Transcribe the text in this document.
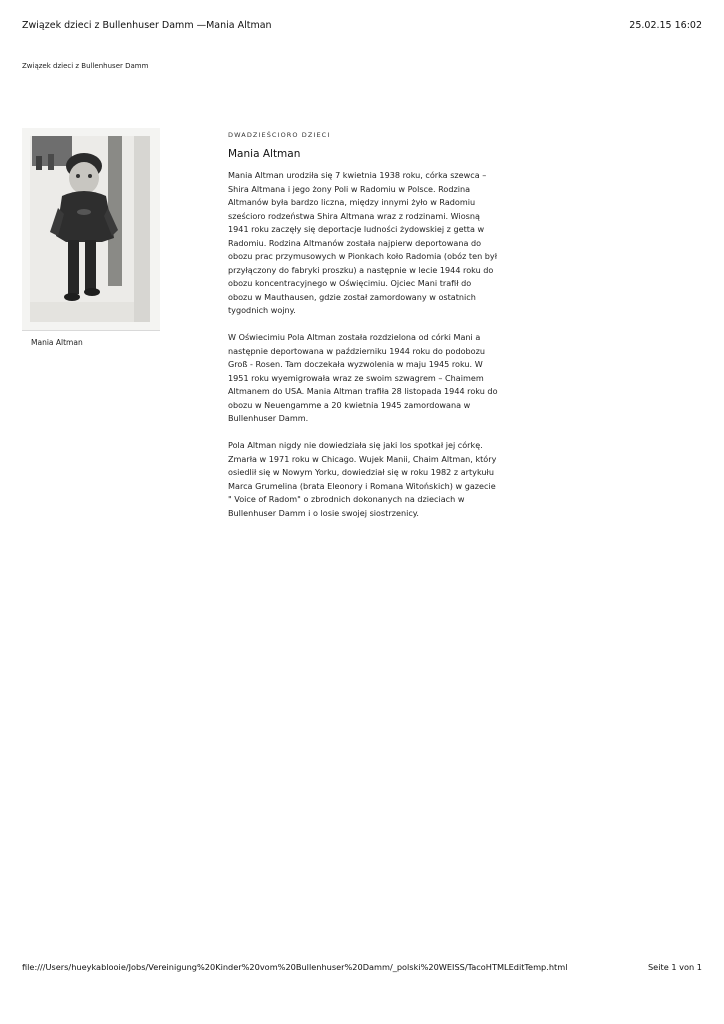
Związek dzieci z Bullenhuser Damm —Mania Altman	25.02.15 16:02
Związek dzieci z Bullenhuser Damm
Mania Altman
DWADZIEŚCIORO DZIECI
Mania Altman

Mania Altman urodziła się 7 kwietnia 1938 roku, córka szewca – Shira Altmana i jego żony Poli w Radomiu w Polsce. Rodzina Altmanów była bardzo liczna, między innymi żyło w Radomiu sześcioro rodzeństwa Shira Altmana wraz z rodzinami. Wiosną 1941 roku zaczęły się deportacje ludności żydowskiej z getta w Radomiu. Rodzina Altmanów została najpierw deportowana do obozu prac przymusowych w Pionkach koło Radomia (obóz ten był przyłączony do fabryki proszku) a następnie w lecie 1944 roku do obozu koncentracyjnego w Oświęcimiu. Ojciec Mani trafił do obozu w Mauthausen, gdzie został zamordowany w ostatnich tygodnich wojny.

W Oświecimiu Pola Altman została rozdzielona od córki Mani a następnie deportowana w październiku 1944 roku do podobozu Groß - Rosen. Tam doczekała wyzwolenia w maju 1945 roku. W 1951 roku wyemigrowała wraz ze swoim szwagrem – Chaimem Altmanem do USA. Mania Altman trafiła 28 listopada 1944 roku do obozu w Neuengamme a 20 kwietnia 1945 zamordowana w Bullenhuser Damm.

Pola Altman nigdy nie dowiedziała się jaki los spotkał jej córkę. Zmarła w 1971 roku w Chicago. Wujek Manii, Chaim Altman, który osiedlił się w Nowym Yorku, dowiedział się w roku 1982 z artykułu Marca Grumelina (brata Eleonory i Romana Witońskich) w gazecie " Voice of Radom" o zbrodnich dokonanych na dzieciach w Bullenhuser Damm i o losie swojej siostrzenicy.

file:///Users/hueykablooie/Jobs/Vereinigung%20Kinder%20vom%20Bullenhuser%20Damm/_polski%20WEISS/TacoHTMLEditTemp.html	Seite 1 von 1
